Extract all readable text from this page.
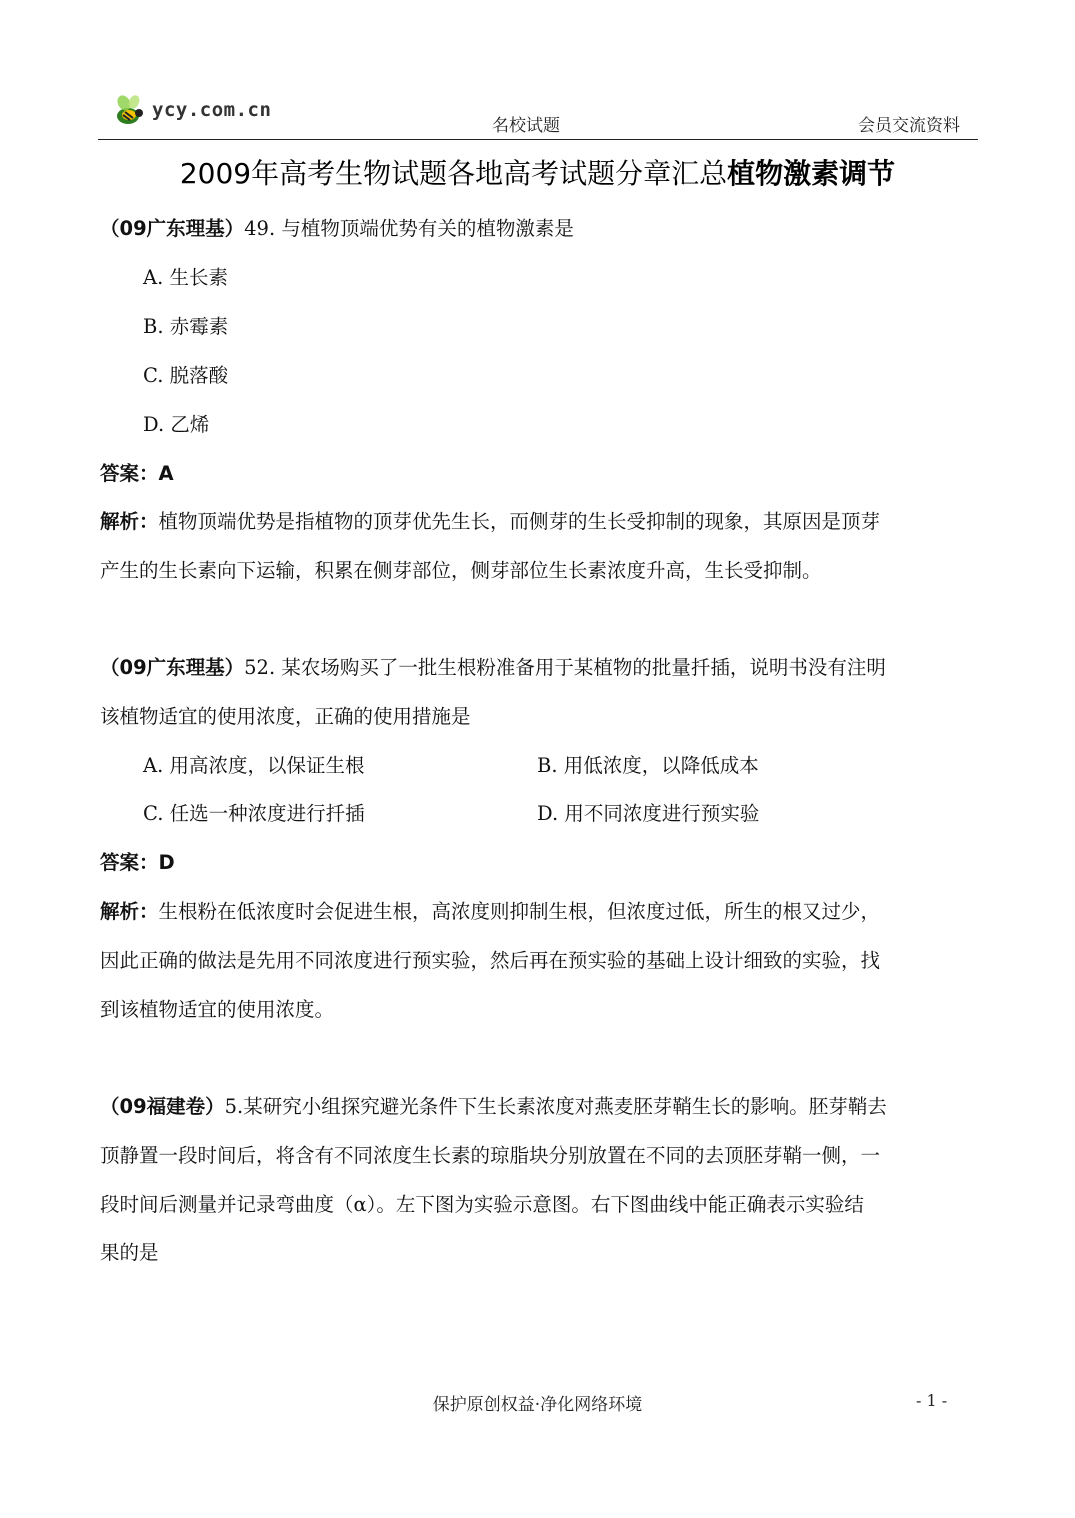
ycy.com.cn
名校试题	会员交流资料
2009年高考生物试题各地高考试题分章汇总植物激素调节
（09广东理基）49. 与植物顶端优势有关的植物激素是
A. 生长素
B. 赤霉素
C. 脱落酸
D. 乙烯
答案：A
解析：植物顶端优势是指植物的顶芽优先生长，而侧芽的生长受抑制的现象，其原因是顶芽
产生的生长素向下运输，积累在侧芽部位，侧芽部位生长素浓度升高，生长受抑制。
（09广东理基）52. 某农场购买了一批生根粉准备用于某植物的批量扦插，说明书没有注明
该植物适宜的使用浓度，正确的使用措施是
A. 用高浓度，以保证生根	B. 用低浓度，以降低成本
C. 任选一种浓度进行扦插	D. 用不同浓度进行预实验
答案：D
解析：生根粉在低浓度时会促进生根，高浓度则抑制生根，但浓度过低，所生的根又过少，
因此正确的做法是先用不同浓度进行预实验，然后再在预实验的基础上设计细致的实验，找
到该植物适宜的使用浓度。
（09福建卷）5.某研究小组探究避光条件下生长素浓度对燕麦胚芽鞘生长的影响。胚芽鞘去
顶静置一段时间后，将含有不同浓度生长素的琼脂块分别放置在不同的去顶胚芽鞘一侧，一
段时间后测量并记录弯曲度（α）。左下图为实验示意图。右下图曲线中能正确表示实验结
果的是
保护原创权益·净化网络环境	- 1 -
